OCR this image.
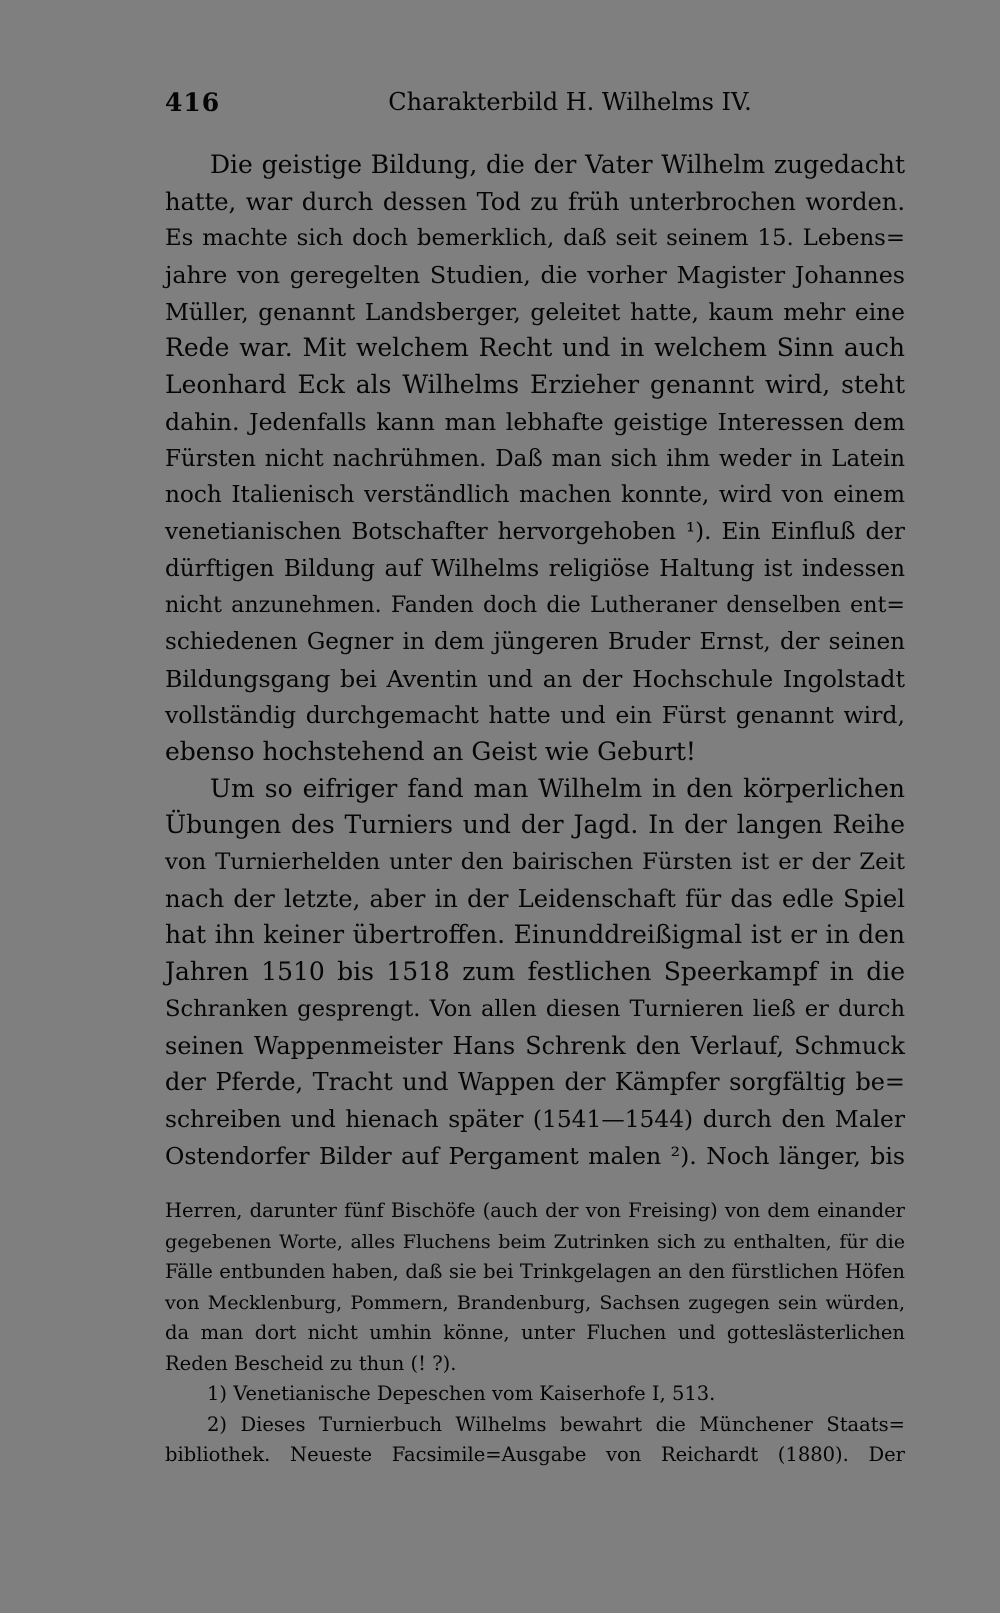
416	Charakterbild H. Wilhelms IV.
Die geistige Bildung, die der Vater Wilhelm zugedacht
hatte, war durch dessen Tod zu früh unterbrochen worden.
Es machte sich doch bemerklich, daß seit seinem 15. Lebens=
jahre von geregelten Studien, die vorher Magister Johannes
Müller, genannt Landsberger, geleitet hatte, kaum mehr eine
Rede war. Mit welchem Recht und in welchem Sinn auch
Leonhard Eck als Wilhelms Erzieher genannt wird, steht
dahin. Jedenfalls kann man lebhafte geistige Interessen dem
Fürsten nicht nachrühmen. Daß man sich ihm weder in Latein
noch Italienisch verständlich machen konnte, wird von einem
venetianischen Botschafter hervorgehoben ¹). Ein Einfluß der
dürftigen Bildung auf Wilhelms religiöse Haltung ist indessen
nicht anzunehmen. Fanden doch die Lutheraner denselben ent=
schiedenen Gegner in dem jüngeren Bruder Ernst, der seinen
Bildungsgang bei Aventin und an der Hochschule Ingolstadt
vollständig durchgemacht hatte und ein Fürst genannt wird,
ebenso hochstehend an Geist wie Geburt!
Um so eifriger fand man Wilhelm in den körperlichen
Übungen des Turniers und der Jagd. In der langen Reihe
von Turnierhelden unter den bairischen Fürsten ist er der Zeit
nach der letzte, aber in der Leidenschaft für das edle Spiel
hat ihn keiner übertroffen. Einunddreißigmal ist er in den
Jahren 1510 bis 1518 zum festlichen Speerkampf in die
Schranken gesprengt. Von allen diesen Turnieren ließ er durch
seinen Wappenmeister Hans Schrenk den Verlauf, Schmuck
der Pferde, Tracht und Wappen der Kämpfer sorgfältig be=
schreiben und hienach später (1541—1544) durch den Maler
Ostendorfer Bilder auf Pergament malen ²). Noch länger, bis
Herren, darunter fünf Bischöfe (auch der von Freising) von dem einander
gegebenen Worte, alles Fluchens beim Zutrinken sich zu enthalten, für die
Fälle entbunden haben, daß sie bei Trinkgelagen an den fürstlichen Höfen
von Mecklenburg, Pommern, Brandenburg, Sachsen zugegen sein würden,
da man dort nicht umhin könne, unter Fluchen und gotteslästerlichen
Reden Bescheid zu thun (! ?).
1) Venetianische Depeschen vom Kaiserhofe I, 513.
2) Dieses Turnierbuch Wilhelms bewahrt die Münchener Staats=
bibliothek. Neueste Facsimile=Ausgabe von Reichardt (1880). Der
